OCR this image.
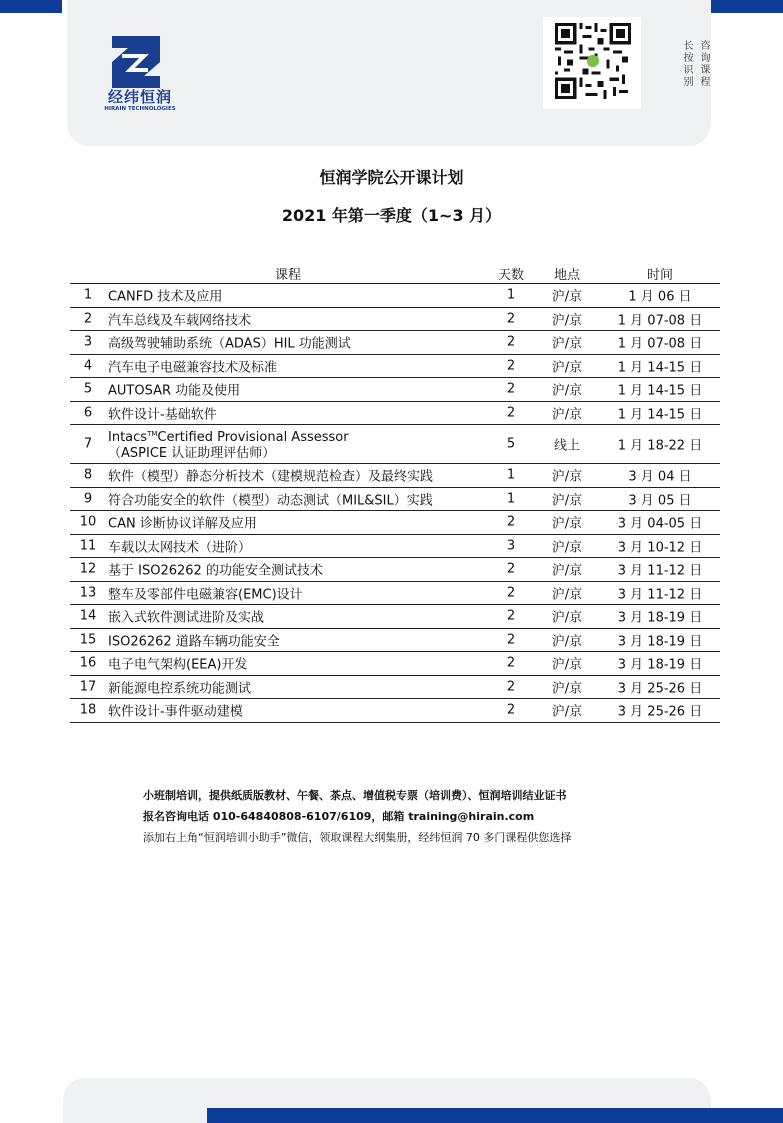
经纬恒润
HIRAIN TECHNOLOGIES
长按识别 咨询课程
恒润学院公开课计划
2021 年第一季度（1~3 月）
课程	天数	地点	时间
1	CANFD 技术及应用	1	沪/京	1 月 06 日
2	汽车总线及车载网络技术	2	沪/京	1 月 07-08 日
3	高级驾驶辅助系统（ADAS）HIL 功能测试	2	沪/京	1 月 07-08 日
4	汽车电子电磁兼容技术及标准	2	沪/京	1 月 14-15 日
5	AUTOSAR 功能及使用	2	沪/京	1 月 14-15 日
6	软件设计-基础软件	2	沪/京	1 月 14-15 日
7	Intacs™Certified Provisional Assessor
（ASPICE 认证助理评估师）
5	线上	1 月 18-22 日
8	软件（模型）静态分析技术（建模规范检查）及最终实践	1	沪/京	3 月 04 日
9	符合功能安全的软件（模型）动态测试（MIL&SIL）实践	1	沪/京	3 月 05 日
10 CAN 诊断协议详解及应用	2	沪/京	3 月 04-05 日
11 车载以太网技术（进阶）	3	沪/京	3 月 10-12 日
12 基于 ISO26262 的功能安全测试技术	2	沪/京	3 月 11-12 日
13 整车及零部件电磁兼容(EMC)设计	2	沪/京	3 月 11-12 日
14 嵌入式软件测试进阶及实战	2	沪/京	3 月 18-19 日
15 ISO26262 道路车辆功能安全	2	沪/京	3 月 18-19 日
16 电子电气架构(EEA)开发	2	沪/京	3 月 18-19 日
17 新能源电控系统功能测试	2	沪/京	3 月 25-26 日
18 软件设计-事件驱动建模	2	沪/京	3 月 25-26 日
小班制培训，提供纸质版教材、午餐、茶点、增值税专票（培训费）、恒润培训结业证书
报名咨询电话 010-64840808-6107/6109，邮箱 training@hirain.com
添加右上角“恒润培训小助手”微信，领取课程大纲集册，经纬恒润 70 多门课程供您选择
